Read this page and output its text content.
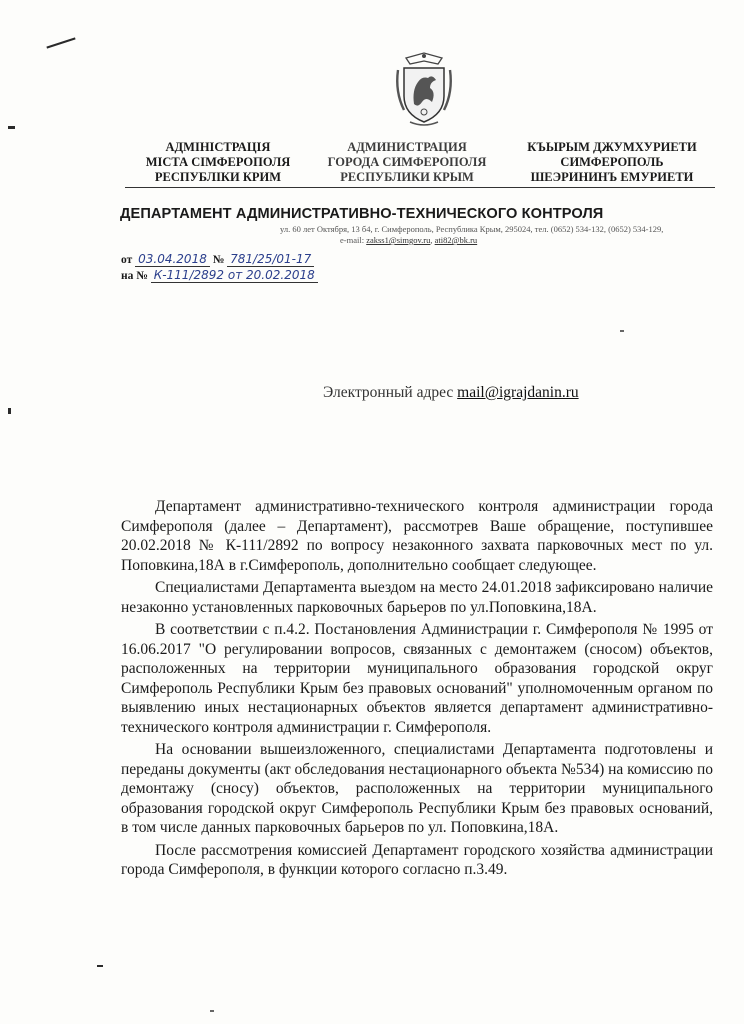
АДМІНІСТРАЦІЯ
МІСТА СІМФЕРОПОЛЯ
РЕСПУБЛІКИ КРИМ
АДМИНИСТРАЦИЯ
ГОРОДА СИМФЕРОПОЛЯ
РЕСПУБЛИКИ КРЫМ
КЪЫРЫМ ДЖУМХУРИЕТИ
СИМФЕРОПОЛЬ
ШЕЭРИНИНЪ ЕМУРИЕТИ
ДЕПАРТАМЕНТ АДМИНИСТРАТИВНО-ТЕХНИЧЕСКОГО КОНТРОЛЯ
ул. 60 лет Октября, 13 б4, г. Симферополь, Республика Крым, 295024, тел. (0652) 534-132, (0652) 534-129,
e-mail: zakss1@simgov.ru, ati82@bk.ru
от 03.04.2018 № 781/25/01-17
на № К-111/2892 от 20.02.2018
Электронный адрес mail@igrajdanin.ru

Департамент административно-технического контроля администрации города Симферополя (далее – Департамент), рассмотрев Ваше обращение, поступившее 20.02.2018 № К-111/2892 по вопросу незаконного захвата парковочных мест по ул. Поповкина,18А в г.Симферополь, дополнительно сообщает следующее.

Специалистами Департамента выездом на место 24.01.2018 зафиксировано наличие незаконно установленных парковочных барьеров по ул.Поповкина,18А.

В соответствии с п.4.2. Постановления Администрации г. Симферополя № 1995 от 16.06.2017 "О регулировании вопросов, связанных с демонтажем (сносом) объектов, расположенных на территории муниципального образования городской округ Симферополь Республики Крым без правовых оснований" уполномоченным органом по выявлению иных нестационарных объектов является департамент административно-технического контроля администрации г. Симферополя.

На основании вышеизложенного, специалистами Департамента подготовлены и переданы документы (акт обследования нестационарного объекта №534) на комиссию по демонтажу (сносу) объектов, расположенных на территории муниципального образования городской округ Симферополь Республики Крым без правовых оснований, в том числе данных парковочных барьеров по ул. Поповкина,18А.

После рассмотрения комиссией Департамент городского хозяйства администрации города Симферополя, в функции которого согласно п.3.49.
